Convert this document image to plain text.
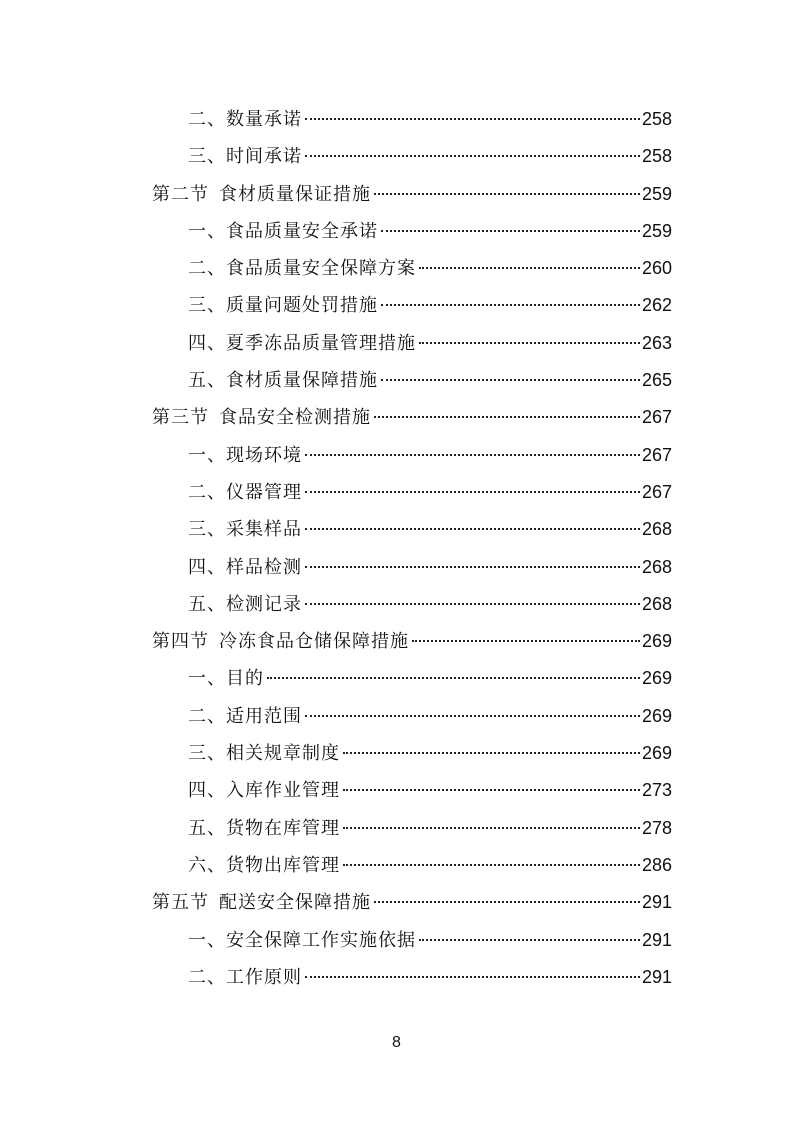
二、数量承诺	258
三、时间承诺	258
第二节 食材质量保证措施	259
一、食品质量安全承诺	259
二、食品质量安全保障方案	260
三、质量问题处罚措施	262
四、夏季冻品质量管理措施	263
五、食材质量保障措施	265
第三节 食品安全检测措施	267
一、现场环境	267
二、仪器管理	267
三、采集样品	268
四、样品检测	268
五、检测记录	268
第四节 冷冻食品仓储保障措施	269
一、目的	269
二、适用范围	269
三、相关规章制度	269
四、入库作业管理	273
五、货物在库管理	278
六、货物出库管理	286
第五节 配送安全保障措施	291
一、安全保障工作实施依据	291
二、工作原则	291
8
